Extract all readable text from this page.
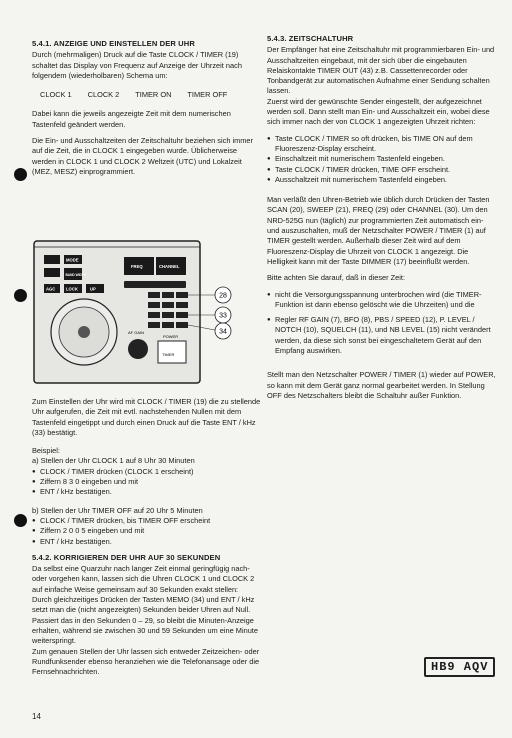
5.4.1. ANZEIGE UND EINSTELLEN DER UHR

Durch (mehrmaligen) Druck auf die Taste CLOCK / TIMER (19) schaltet das Display von Frequenz auf Anzeige der Uhrzeit nach folgendem (wiederholbaren) Schema um:

CLOCK 1 CLOCK 2 TIMER ON TIMER OFF

Dabei kann die jeweils angezeigte Zeit mit dem numerischen Tastenfeld geändert werden.

Die Ein- und Ausschaltzeiten der Zeitschaltuhr beziehen sich immer auf die Zeit, die in CLOCK 1 eingegeben wurde. Üblicherweise werden in CLOCK 1 und CLOCK 2 Weltzeit (UTC) und Lokalzeit (MEZ, MESZ) einprogrammiert.

MODE
BAND WIDTH
AGC	LOCK	UP
FREQ	CHANNEL
AF GAIN
POWER
TIMER
28
33
34

Zum Einstellen der Uhr wird mit CLOCK / TIMER (19) die zu stellende Uhr aufgerufen, die Zeit mit evtl. nachstehenden Nullen mit dem Tastenfeld eingetippt und durch einen Druck auf die Taste ENT / kHz (33) bestätigt.

Beispiel:
a) Stellen der Uhr CLOCK 1 auf 8 Uhr 30 Minuten
● CLOCK / TIMER drücken (CLOCK 1 erscheint)
● Ziffern 8 3 0 eingeben und mit
● ENT / kHz bestätigen.
b) Stellen der Uhr TIMER OFF auf 20 Uhr 5 Minuten
● CLOCK / TIMER drücken, bis TIMER OFF erscheint
● Ziffern 2 0 0 5 eingeben und mit
● ENT / kHz bestätigen.
5.4.2. KORRIGIEREN DER UHR AUF 30 SEKUNDEN

Da selbst eine Quarzuhr nach langer Zeit einmal geringfügig nach- oder vorgehen kann, lassen sich die Uhren CLOCK 1 und CLOCK 2 auf einfache Weise gemeinsam auf 30 Sekunden exakt stellen:

Durch gleichzeitiges Drücken der Tasten MEMO (34) und ENT / kHz setzt man die (nicht angezeigten) Sekunden beider Uhren auf Null. Passiert das in den Sekunden 0 – 29, so bleibt die Minuten-Anzeige erhalten, während sie zwischen 30 und 59 Sekunden um eine Minute weiterspringt.

Zum genauen Stellen der Uhr lassen sich entweder Zeitzeichen- oder Rundfunksender ebenso heranziehen wie die Telefonansage oder die Fernsehnachrichten.

5.4.3. ZEITSCHALTUHR

Der Empfänger hat eine Zeitschaltuhr mit programmierbaren Ein- und Ausschaltzeiten eingebaut, mit der sich über die eingebauten Relaiskontakte TIMER OUT (43) z.B. Cassettenrecorder oder Tonbandgerät zur automatischen Aufnahme einer Sendung schalten lassen.

Zuerst wird der gewünschte Sender eingestellt, der aufgezeichnet werden soll. Dann stellt man Ein- und Ausschaltzeit ein, wobei diese sich immer nach der von CLOCK 1 angezeigten Uhrzeit richten:

● Taste CLOCK / TIMER so oft drücken, bis TIME ON auf dem Fluoreszenz-Display erscheint.
● Einschaltzeit mit numerischem Tastenfeld eingeben.
● Taste CLOCK / TIMER drücken, TIME OFF erscheint.
● Ausschaltzeit mit numerischem Tastenfeld eingeben.

Man verläßt den Uhren-Betrieb wie üblich durch Drücken der Tasten SCAN (20), SWEEP (21), FREQ (29) oder CHANNEL (30). Um den NRD-525G nun (täglich) zur programmierten Zeit automatisch ein- und auszuschalten, muß der Netzschalter POWER / TIMER (1) auf TIMER gestellt werden. Außerhalb dieser Zeit wird auf dem Fluoreszenz-Display die Uhrzeit von CLOCK 1 angezeigt. Die Helligkeit kann mit der Taste DIMMER (17) beeinflußt werden.

Bitte achten Sie darauf, daß in dieser Zeit:

● nicht die Versorgungsspannung unterbrochen wird (die TIMER-Funktion ist dann ebenso gelöscht wie die Uhrzeiten) und die
● Regler RF GAIN (7), BFO (8), PBS / SPEED (12), P. LEVEL / NOTCH (10), SQUELCH (11), und NB LEVEL (15) nicht verändert werden, da diese sich sonst bei eingeschaltetem Gerät auf den Empfang auswirken.

Stellt man den Netzschalter POWER / TIMER (1) wieder auf POWER, so kann mit dem Gerät ganz normal gearbeitet werden. In Stellung OFF des Netzschalters bleibt die Schaltuhr außer Funktion.

HB9 AQV
14
